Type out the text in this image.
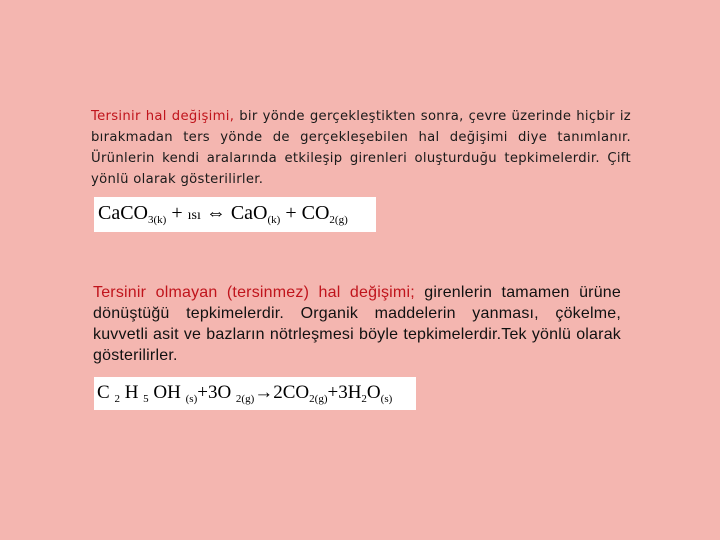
Tersinir hal değişimi, bir yönde gerçekleştikten sonra, çevre üzerinde hiçbir iz bırakmadan ters yönde de gerçekleşebilen hal değişimi diye tanımlanır. Ürünlerin kendi aralarında etkileşip girenleri oluşturduğu tepkimelerdir. Çift yönlü olarak gösterilirler.
CaCO$_{3(k)}$ + ısı ⇔ $CaO_{(k)} + CO_{2(g)}$
Tersinir olmayan (tersinmez) hal değişimi; girenlerin tamamen ürüne dönüştüğü tepkimelerdir. Organik maddelerin yanması, çökelme, kuvvetli asit ve bazların nötrleşmesi böyle tepkimelerdir.Tek yönlü olarak gösterilirler.
C $_2$ H $_5$ OH $_{(s)}$+3O $_{2(g)}\to 2CO_{2(g)}+3H_2O_{(s)}$
